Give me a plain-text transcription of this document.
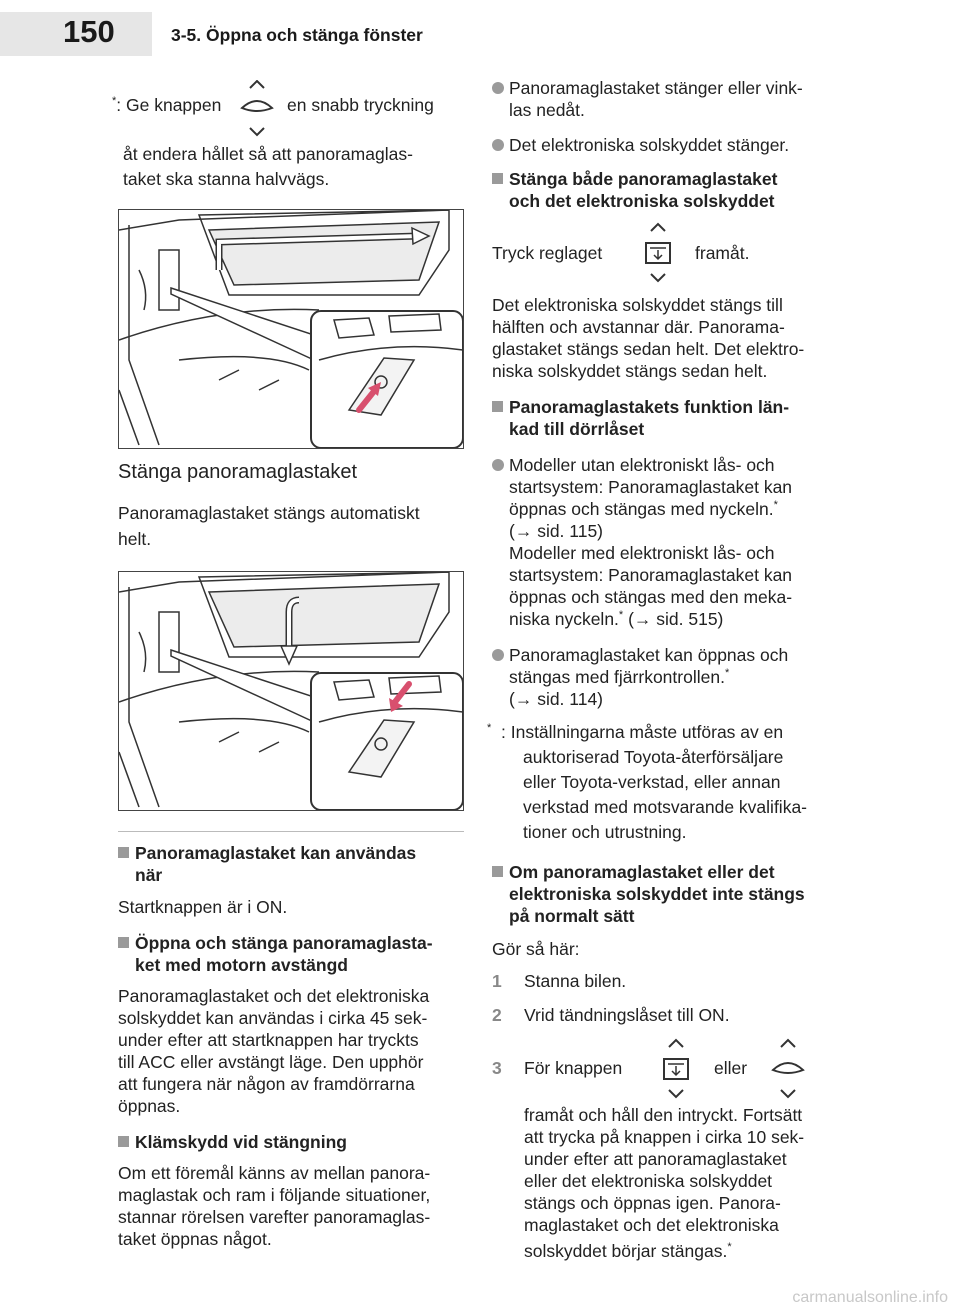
150	3-5. Öppna och stänga fönster
*: Ge knappen	en snabb tryckning

åt endera hållet så att panoramaglas-

taket ska stanna halvvägs.

Stänga panoramaglastaket

Panoramaglastaket stängs automatiskt

helt.

Panoramaglastaket kan användas
när

Startknappen är i ON.

Öppna och stänga panoramaglasta-
ket med motorn avstängd

Panoramaglastaket och det elektroniska
solskyddet kan användas i cirka 45 sek-
under efter att startknappen har tryckts
till ACC eller avstängt läge. Den upphör
att fungera när någon av framdörrarna
öppnas.

Klämskydd vid stängning

Om ett föremål känns av mellan panora-
maglastak och ram i följande situationer,
stannar rörelsen varefter panoramaglas-
taket öppnas något.

Panoramaglastaket stänger eller vink-
las nedåt.

Det elektroniska solskyddet stänger.

Stänga både panoramaglastaket
och det elektroniska solskyddet

Tryck reglaget	framåt.

Det elektroniska solskyddet stängs till
hälften och avstannar där. Panorama-
glastaket stängs sedan helt. Det elektro-
niska solskyddet stängs sedan helt.

Panoramaglastakets funktion län-
kad till dörrlåset

Modeller utan elektroniskt lås- och
startsystem: Panoramaglastaket kan
öppnas och stängas med nyckeln.*
(→ sid. 115)
Modeller med elektroniskt lås- och
startsystem: Panoramaglastaket kan
öppnas och stängas med den meka-
niska nyckeln.* (→ sid. 515)

Panoramaglastaket kan öppnas och
stängas med fjärrkontrollen.*
(→ sid. 114)

* : Inställningarna måste utföras av en
auktoriserad Toyota-återförsäljare
eller Toyota-verkstad, eller annan
verkstad med motsvarande kvalifika-
tioner och utrustning.

Om panoramaglastaket eller det
elektroniska solskyddet inte stängs
på normalt sätt

Gör så här:

1 Stanna bilen.

2 Vrid tändningslåset till ON.

3 För knappen	eller

framåt och håll den intryckt. Fortsätt
att trycka på knappen i cirka 10 sek-
under efter att panoramaglastaket
eller det elektroniska solskyddet
stängs och öppnas igen. Panora-
maglastaket och det elektroniska
solskyddet börjar stängas.*

carmanualsonline.info
